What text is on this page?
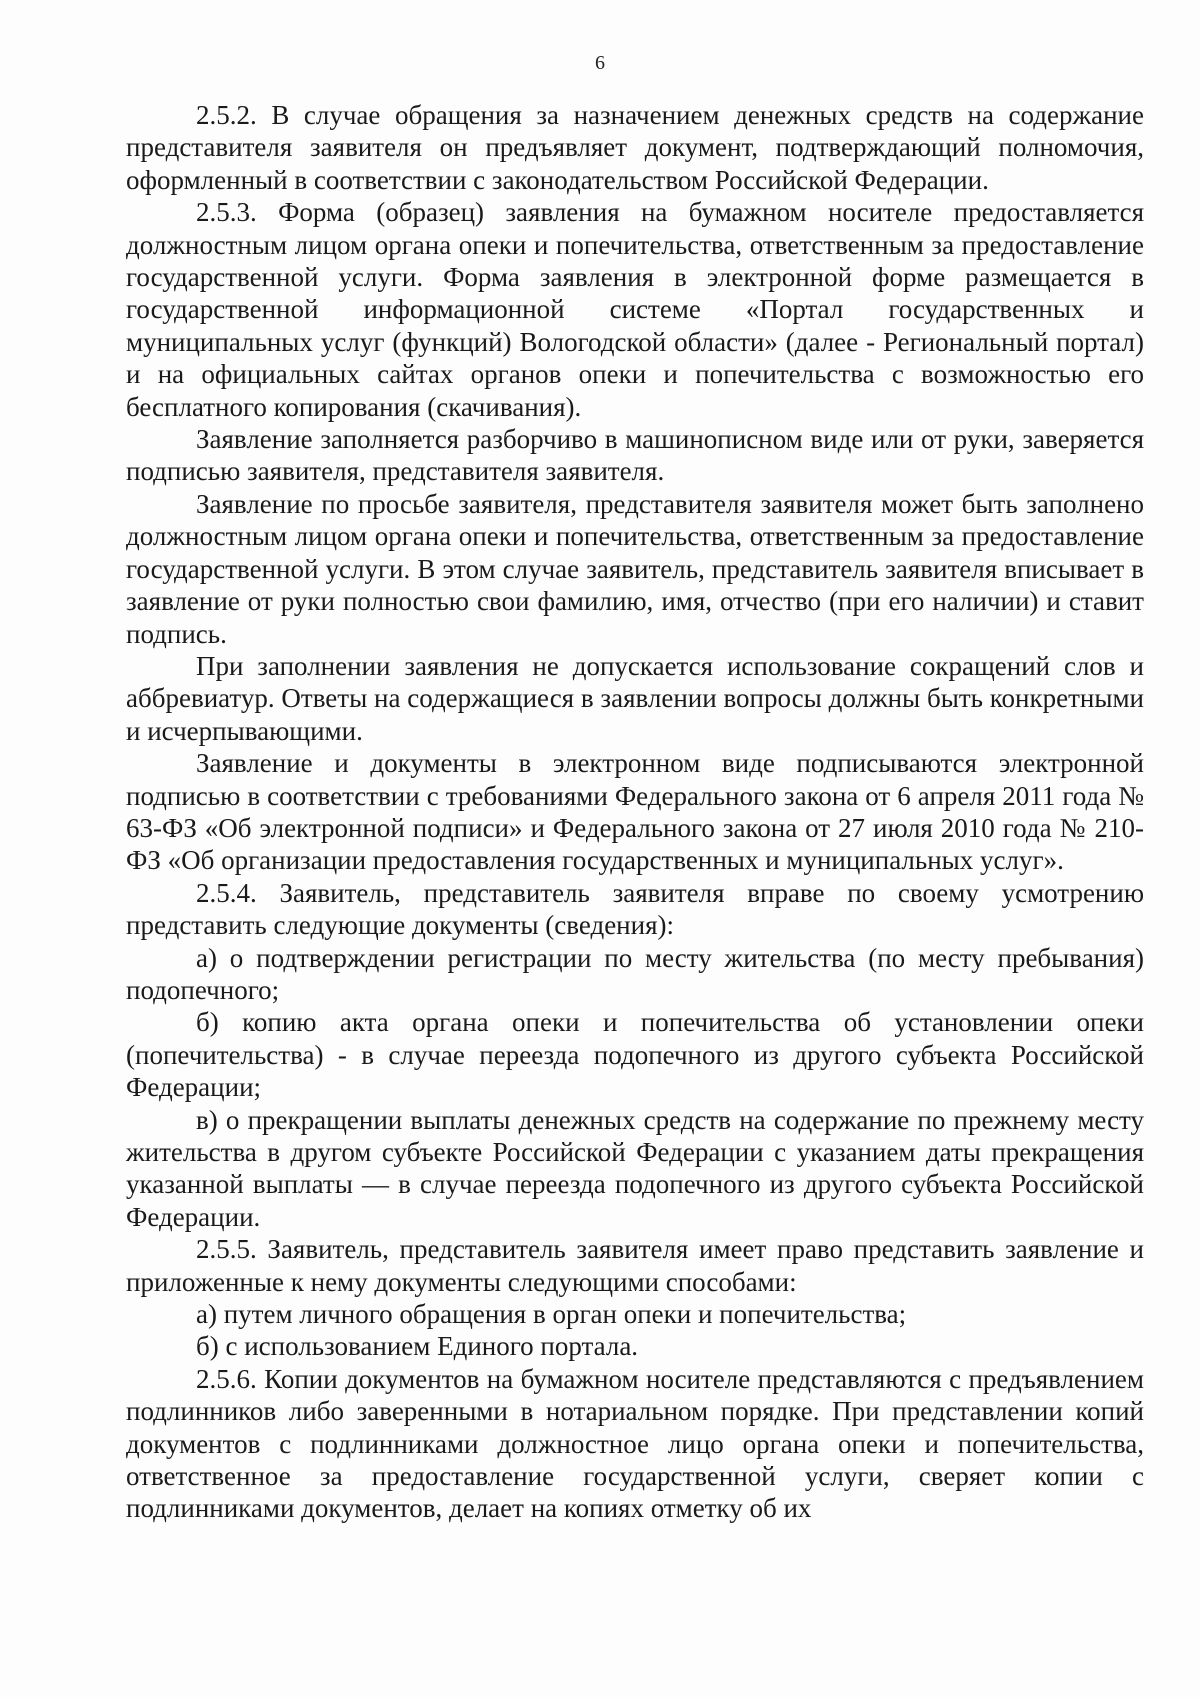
6

2.5.2. В случае обращения за назначением денежных средств на содержание представителя заявителя он предъявляет документ, подтверждающий полномочия, оформленный в соответствии с законодательством Российской Федерации.

2.5.3. Форма (образец) заявления на бумажном носителе предоставляется должностным лицом органа опеки и попечительства, ответственным за предоставление государственной услуги. Форма заявления в электронной форме размещается в государственной информационной системе «Портал государственных и муниципальных услуг (функций) Вологодской области» (далее - Региональный портал) и на официальных сайтах органов опеки и попечительства с возможностью его бесплатного копирования (скачивания).

Заявление заполняется разборчиво в машинописном виде или от руки, заверяется подписью заявителя, представителя заявителя.

Заявление по просьбе заявителя, представителя заявителя может быть заполнено должностным лицом органа опеки и попечительства, ответственным за предоставление государственной услуги. В этом случае заявитель, представитель заявителя вписывает в заявление от руки полностью свои фамилию, имя, отчество (при его наличии) и ставит подпись.

При заполнении заявления не допускается использование сокращений слов и аббревиатур. Ответы на содержащиеся в заявлении вопросы должны быть конкретными и исчерпывающими.

Заявление и документы в электронном виде подписываются электронной подписью в соответствии с требованиями Федерального закона от 6 апреля 2011 года № 63-ФЗ «Об электронной подписи» и Федерального закона от 27 июля 2010 года № 210-ФЗ «Об организации предоставления государственных и муниципальных услуг».

2.5.4. Заявитель, представитель заявителя вправе по своему усмотрению представить следующие документы (сведения):

а) о подтверждении регистрации по месту жительства (по месту пребывания) подопечного;

б) копию акта органа опеки и попечительства об установлении опеки (попечительства) - в случае переезда подопечного из другого субъекта Российской Федерации;

в) о прекращении выплаты денежных средств на содержание по прежнему месту жительства в другом субъекте Российской Федерации с указанием даты прекращения указанной выплаты — в случае переезда подопечного из другого субъекта Российской Федерации.

2.5.5. Заявитель, представитель заявителя имеет право представить заявление и приложенные к нему документы следующими способами:

а) путем личного обращения в орган опеки и попечительства;

б) с использованием Единого портала.

2.5.6. Копии документов на бумажном носителе представляются с предъявлением подлинников либо заверенными в нотариальном порядке. При представлении копий документов с подлинниками должностное лицо органа опеки и попечительства, ответственное за предоставление государственной услуги, сверяет копии с подлинниками документов, делает на копиях отметку об их
